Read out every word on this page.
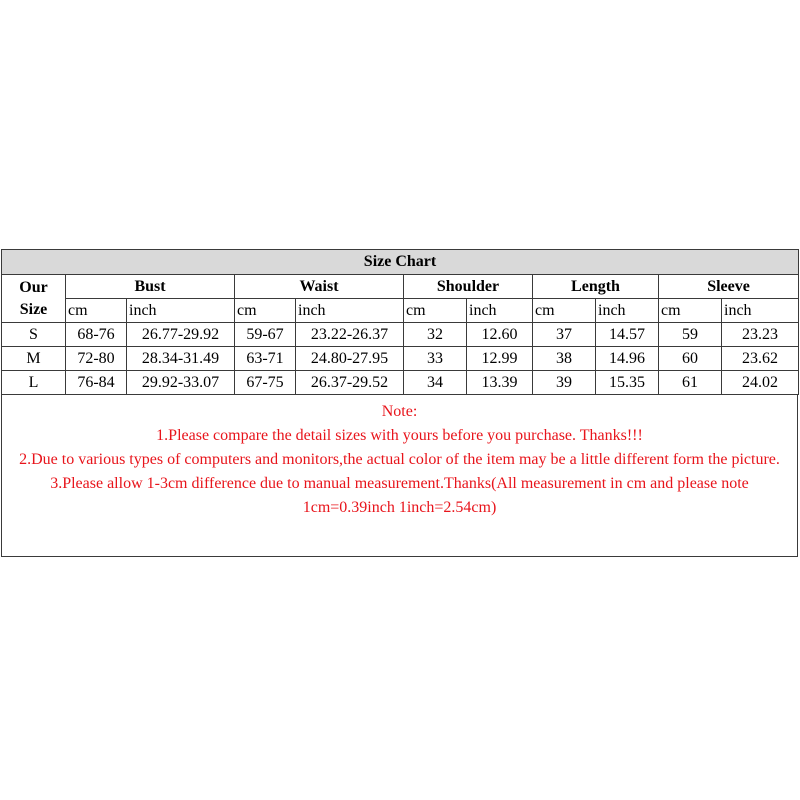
Size Chart										

Our
Size	Bust		Waist		Shoulder		Length		Sleeve	
	cm	inch	cm	inch	cm	inch	cm	inch	cm	inch
S	68-76	26.77-29.92	59-67	23.22-26.37	32	12.60	37	14.57	59	23.23
M	72-80	28.34-31.49	63-71	24.80-27.95	33	12.99	38	14.96	60	23.62
L	76-84	29.92-33.07	67-75	26.37-29.52	34	13.39	39	15.35	61	24.02
Note:
1.Please compare the detail sizes with yours before you purchase. Thanks!!!
2.Due to various types of computers and monitors,the actual color of the item may be a little different form the picture.
3.Please allow 1-3cm difference due to manual measurement.Thanks(All measurement in cm and please note 1cm=0.39inch 1inch=2.54cm)
